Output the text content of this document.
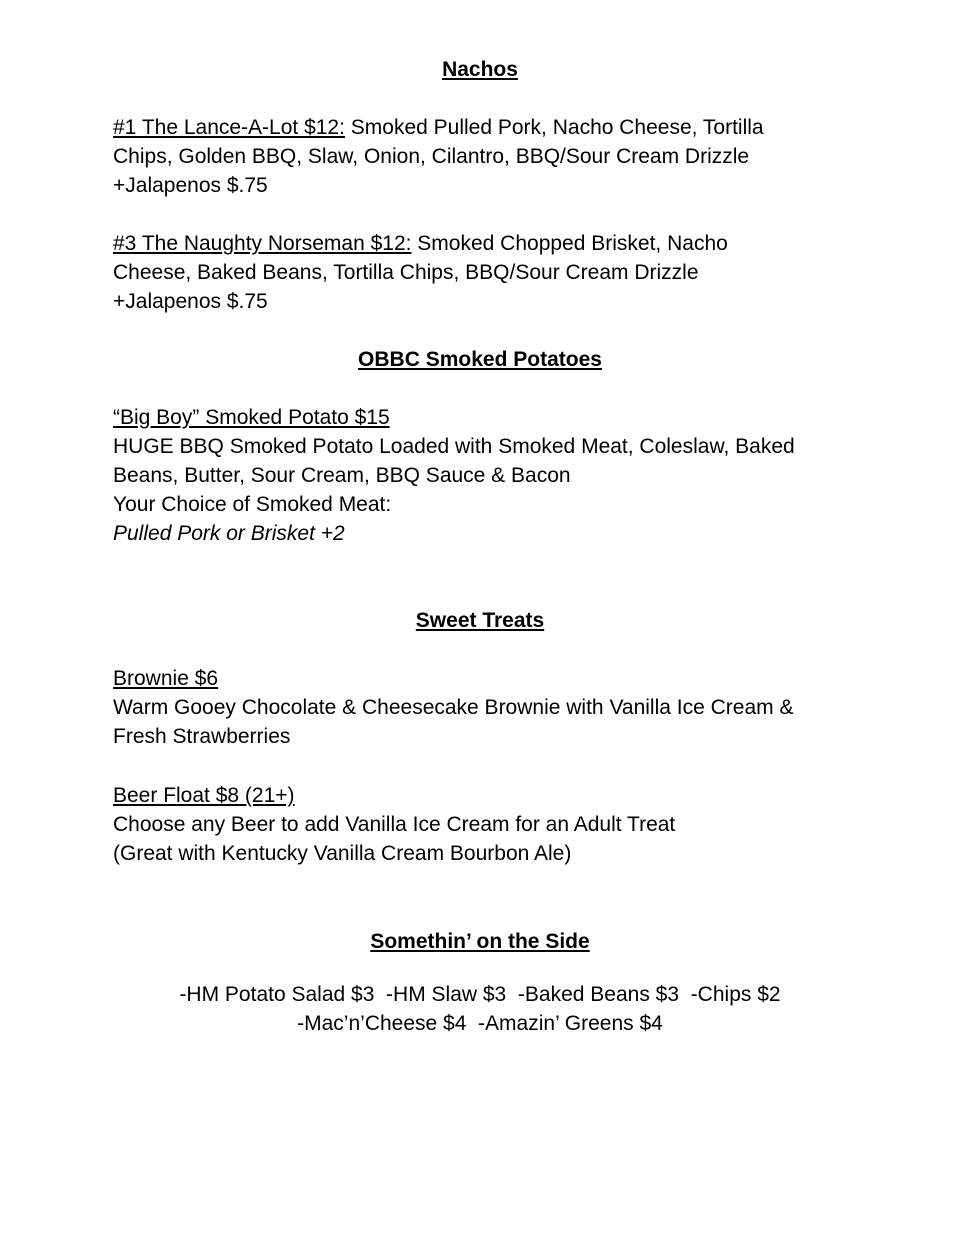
Nachos

#1 The Lance-A-Lot $12: Smoked Pulled Pork, Nacho Cheese, Tortilla

Chips, Golden BBQ, Slaw, Onion, Cilantro, BBQ/Sour Cream Drizzle

+Jalapenos $.75

#3 The Naughty Norseman $12: Smoked Chopped Brisket, Nacho

Cheese, Baked Beans, Tortilla Chips, BBQ/Sour Cream Drizzle

+Jalapenos $.75

OBBC Smoked Potatoes

“Big Boy” Smoked Potato $15

HUGE BBQ Smoked Potato Loaded with Smoked Meat, Coleslaw, Baked

Beans, Butter, Sour Cream, BBQ Sauce & Bacon

Your Choice of Smoked Meat:

Pulled Pork or Brisket +2

Sweet Treats

Brownie $6

Warm Gooey Chocolate & Cheesecake Brownie with Vanilla Ice Cream &

Fresh Strawberries

Beer Float $8 (21+)

Choose any Beer to add Vanilla Ice Cream for an Adult Treat

(Great with Kentucky Vanilla Cream Bourbon Ale)

Somethin’ on the Side

-HM Potato Salad $3  -HM Slaw $3  -Baked Beans $3  -Chips $2

-Mac’n’Cheese $4  -Amazin’ Greens $4
